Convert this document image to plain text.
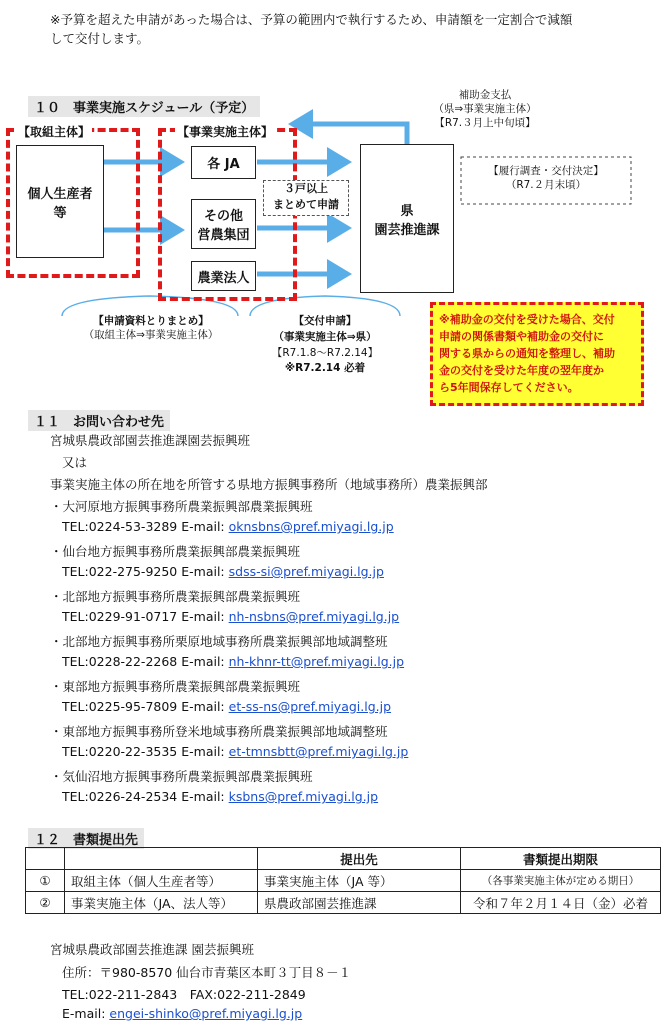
※予算を超えた申請があった場合は、予算の範囲内で執行するため、申請額を一定割合で減額
して交付します。
１０　事業実施スケジュール（予定）
補助金支払
（県⇒事業実施主体）
【R7.３月上中旬頃】
【取組主体】	【事業実施主体】
個人生産者
等
各 JA
その他
営農集団
農業法人
３戸以上
まとめて申請	県
園芸推進課
【履行調査・交付決定】
（R7.２月末頃）
【申請資料とりまとめ】
（取組主体⇒事業実施主体）
【交付申請】
（事業実施主体⇒県）
【R7.1.8～R7.2.14】
※R7.2.14 必着
※補助金の交付を受けた場合、交付
申請の関係書類や補助金の交付に
関する県からの通知を整理し、補助
金の交付を受けた年度の翌年度か
ら5年間保存してください。
１１　お問い合わせ先
宮城県農政部園芸推進課園芸振興班
又は
事業実施主体の所在地を所管する県地方振興事務所（地域事務所）農業振興部
・大河原地方振興事務所農業振興部農業振興班
TEL:0224-53-3289 E-mail: oknsbns@pref.miyagi.lg.jp
・仙台地方振興事務所農業振興部農業振興班
TEL:022-275-9250 E-mail: sdss-si@pref.miyagi.lg.jp
・北部地方振興事務所農業振興部農業振興班
TEL:0229-91-0717 E-mail: nh-nsbns@pref.miyagi.lg.jp
・北部地方振興事務所栗原地域事務所農業振興部地域調整班
TEL:0228-22-2268 E-mail: nh-khnr-tt@pref.miyagi.lg.jp
・東部地方振興事務所農業振興部農業振興班
TEL:0225-95-7809 E-mail: et-ss-ns@pref.miyagi.lg.jp
・東部地方振興事務所登米地域事務所農業振興部地域調整班
TEL:0220-22-3535 E-mail: et-tmnsbtt@pref.miyagi.lg.jp
・気仙沼地方振興事務所農業振興部農業振興班
TEL:0226-24-2534 E-mail: ksbns@pref.miyagi.lg.jp
１２　書類提出先
		提出先	書類提出期限
①	取組主体（個人生産者等）	事業実施主体（JA 等）	（各事業実施主体が定める期日）
②	事業実施主体（JA、法人等）	県農政部園芸推進課	令和７年２月１４日（金）必着
宮城県農政部園芸推進課 園芸振興班
住所：〒980-8570 仙台市青葉区本町３丁目８－１
TEL:022-211-2843　FAX:022-211-2849
E-mail: engei-shinko@pref.miyagi.lg.jp
